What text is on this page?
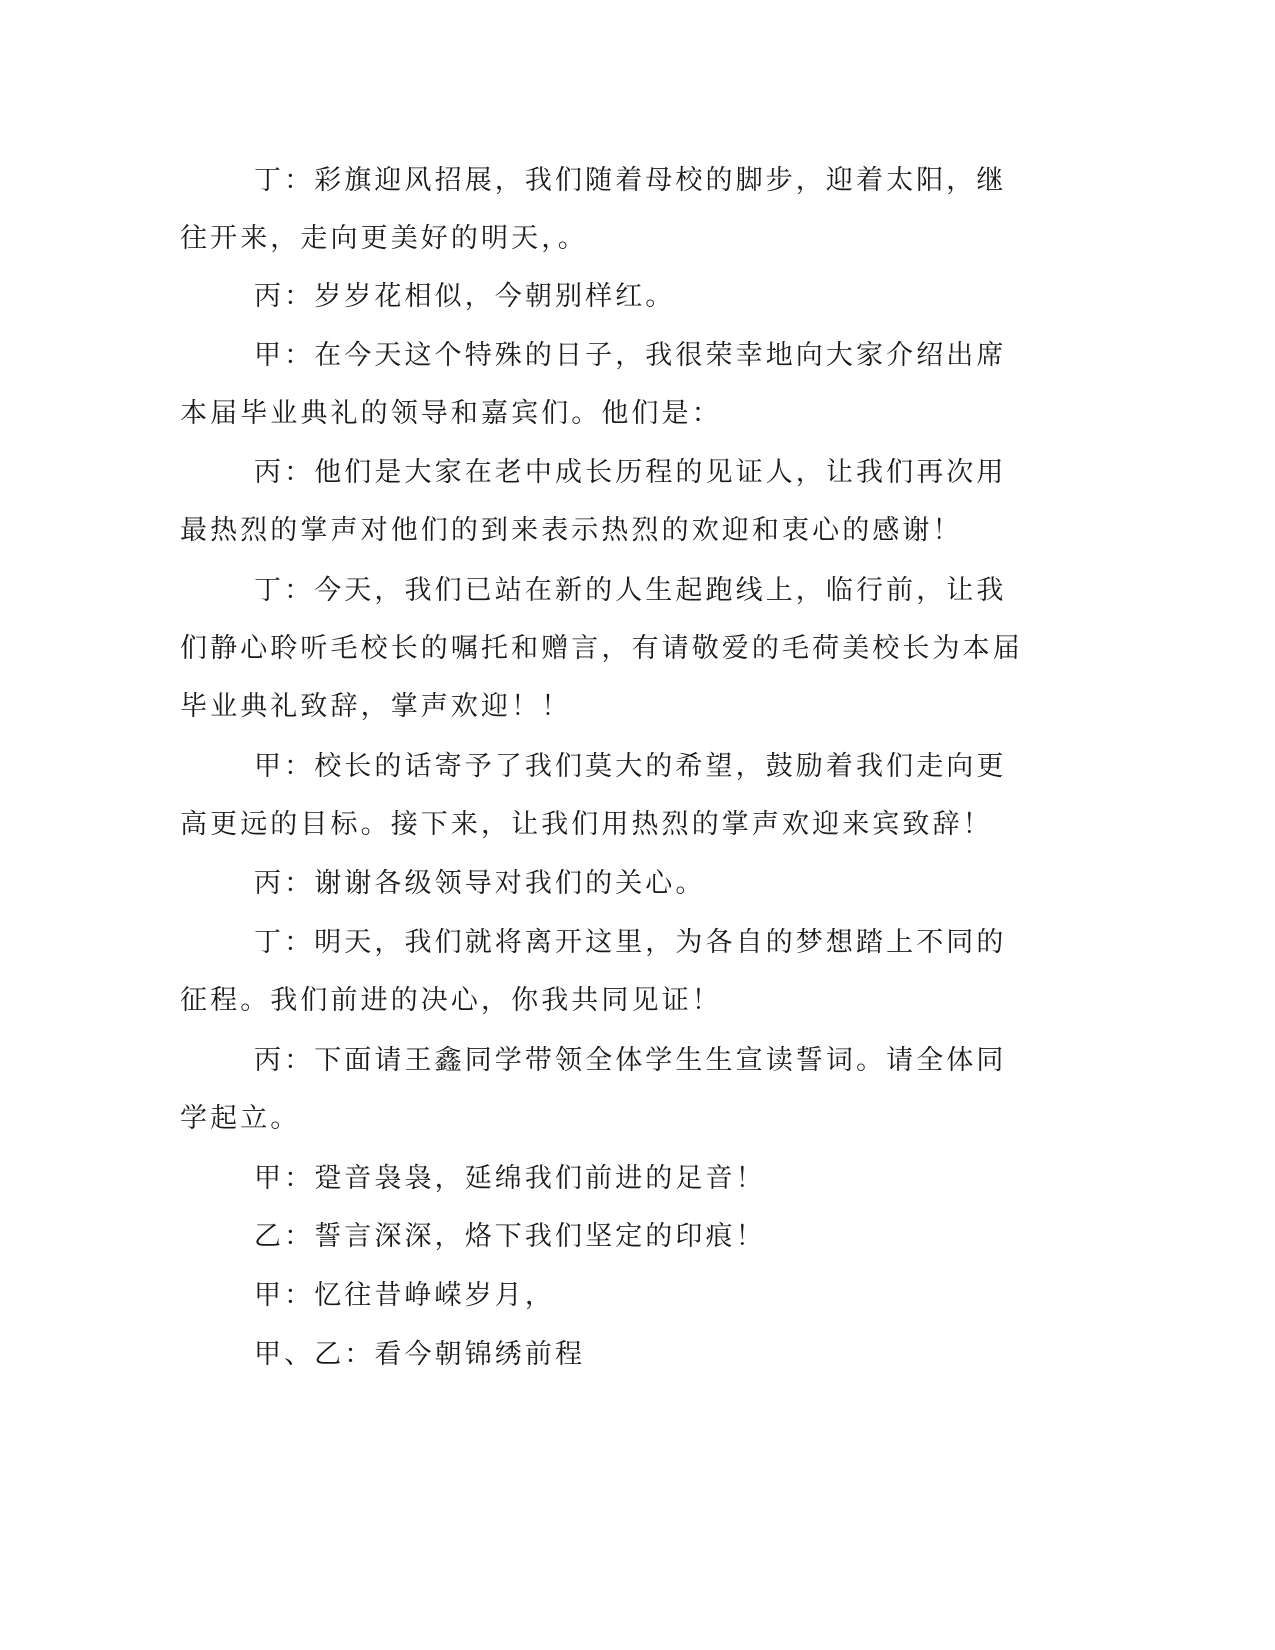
丁：彩旗迎风招展，我们随着母校的脚步，迎着太阳，继往开来，走向更美好的明天，。

丙：岁岁花相似，今朝别样红。

甲：在今天这个特殊的日子，我很荣幸地向大家介绍出席本届毕业典礼的领导和嘉宾们。他们是：

丙：他们是大家在老中成长历程的见证人，让我们再次用最热烈的掌声对他们的到来表示热烈的欢迎和衷心的感谢！

丁：今天，我们已站在新的人生起跑线上，临行前，让我们静心聆听毛校长的嘱托和赠言，有请敬爱的毛荷美校长为本届毕业典礼致辞，掌声欢迎！！

甲：校长的话寄予了我们莫大的希望，鼓励着我们走向更高更远的目标。接下来，让我们用热烈的掌声欢迎来宾致辞！

丙：谢谢各级领导对我们的关心。

丁：明天，我们就将离开这里，为各自的梦想踏上不同的征程。我们前进的决心，你我共同见证！

丙：下面请王鑫同学带领全体学生生宣读誓词。请全体同学起立。

甲：跫音袅袅，延绵我们前进的足音！

乙：誓言深深，烙下我们坚定的印痕！

甲：忆往昔峥嵘岁月，

甲、乙：看今朝锦绣前程
